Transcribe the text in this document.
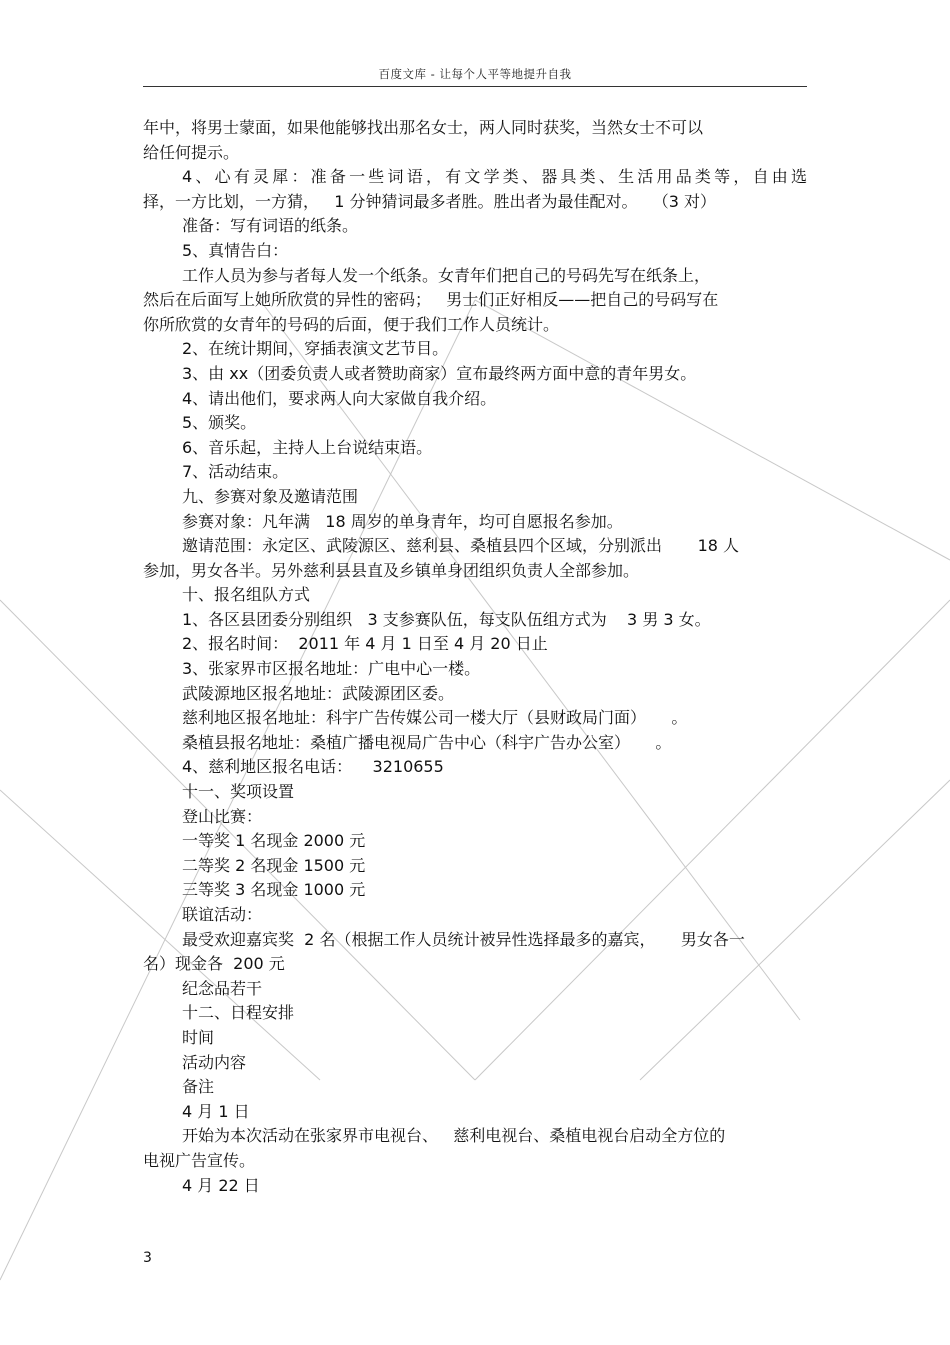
百度文库 - 让每个人平等地提升自我
年中，将男士蒙面，如果他能够找出那名女士，两人同时获奖，当然女士不可以
给任何提示。
4、心有灵犀：准备一些词语，有文学类、器具类、生活用品类等，自由选
择，一方比划，一方猜，   1 分钟猜词最多者胜。胜出者为最佳配对。   （3 对）
准备：写有词语的纸条。
5、真情告白：
工作人员为参与者每人发一个纸条。女青年们把自己的号码先写在纸条上，
然后在后面写上她所欣赏的异性的密码；   男士们正好相反——把自己的号码写在
你所欣赏的女青年的号码的后面，便于我们工作人员统计。
2、在统计期间，穿插表演文艺节目。
3、由 xx（团委负责人或者赞助商家）宣布最终两方面中意的青年男女。
4、请出他们，要求两人向大家做自我介绍。
5、颁奖。
6、音乐起，主持人上台说结束语。
7、活动结束。
九、参赛对象及邀请范围
参赛对象：凡年满   18 周岁的单身青年，均可自愿报名参加。
邀请范围：永定区、武陵源区、慈利县、桑植县四个区域，分别派出       18 人
参加，男女各半。另外慈利县县直及乡镇单身团组织负责人全部参加。
十、报名组队方式
1、各区县团委分别组织   3 支参赛队伍，每支队伍组方式为    3 男 3 女。
2、报名时间：  2011 年 4 月 1 日至 4 月 20 日止
3、张家界市区报名地址：广电中心一楼。
武陵源地区报名地址：武陵源团区委。
慈利地区报名地址：科宇广告传媒公司一楼大厅（县财政局门面）     。
桑植县报名地址：桑植广播电视局广告中心（科宇广告办公室）     。
4、慈利地区报名电话：    3210655
十一、奖项设置
登山比赛：
一等奖 1 名现金 2000 元
二等奖 2 名现金 1500 元
三等奖 3 名现金 1000 元
联谊活动：
最受欢迎嘉宾奖  2 名（根据工作人员统计被异性选择最多的嘉宾，     男女各一
名）现金各  200 元
纪念品若干
十二、日程安排
时间
活动内容
备注
4 月 1 日
开始为本次活动在张家界市电视台、   慈利电视台、桑植电视台启动全方位的
电视广告宣传。
4 月 22 日
3
